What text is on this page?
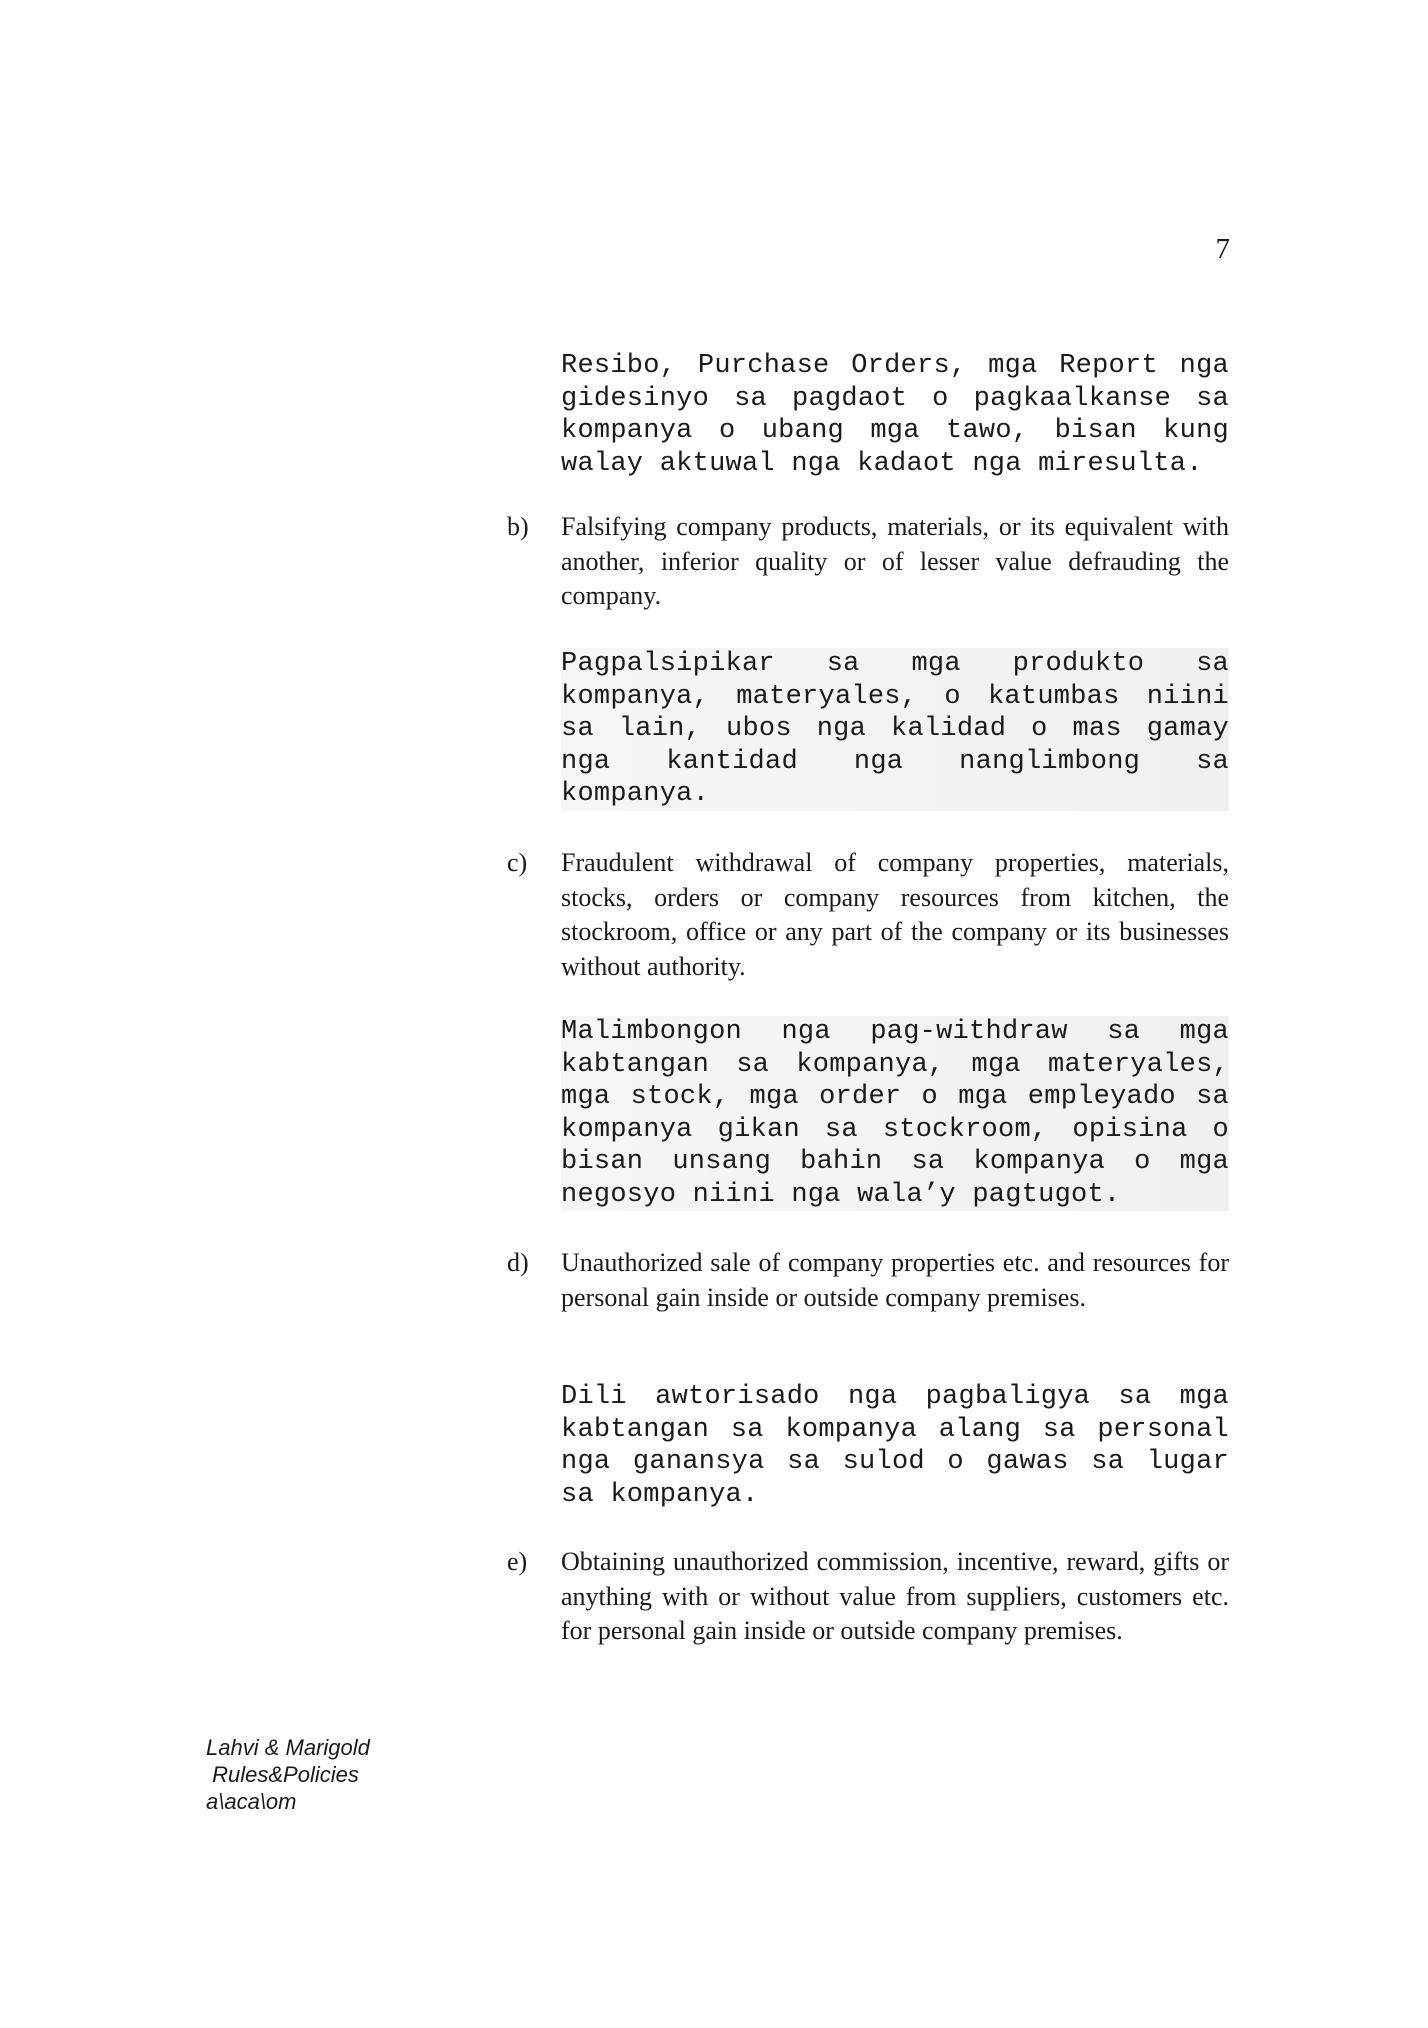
7
Resibo, Purchase Orders, mga Report nga gidesinyo sa pagdaot o pagkaalkanse sa kompanya o ubang mga tawo, bisan kung walay aktuwal nga kadaot nga miresulta.
b) Falsifying company products, materials, or its equivalent with another, inferior quality or of lesser value defrauding the company.
Pagpalsipikar sa mga produkto sa kompanya, materyales, o katumbas niini sa lain, ubos nga kalidad o mas gamay nga kantidad nga nanglimbong sa kompanya.
c) Fraudulent withdrawal of company properties, materials, stocks, orders or company resources from kitchen, the stockroom, office or any part of the company or its businesses without authority.
Malimbongon nga pag-withdraw sa mga kabtangan sa kompanya, mga materyales, mga stock, mga order o mga empleyado sa kompanya gikan sa stockroom, opisina o bisan unsang bahin sa kompanya o mga negosyo niini nga wala’y pagtugot.
d) Unauthorized sale of company properties etc. and resources for personal gain inside or outside company premises.
Dili awtorisado nga pagbaligya sa mga kabtangan sa kompanya alang sa personal nga ganansya sa sulod o gawas sa lugar sa kompanya.
e) Obtaining unauthorized commission, incentive, reward, gifts or anything with or without value from suppliers, customers etc. for personal gain inside or outside company premises.
Lahvi & Marigold
Rules&Policies
a\aca\om
